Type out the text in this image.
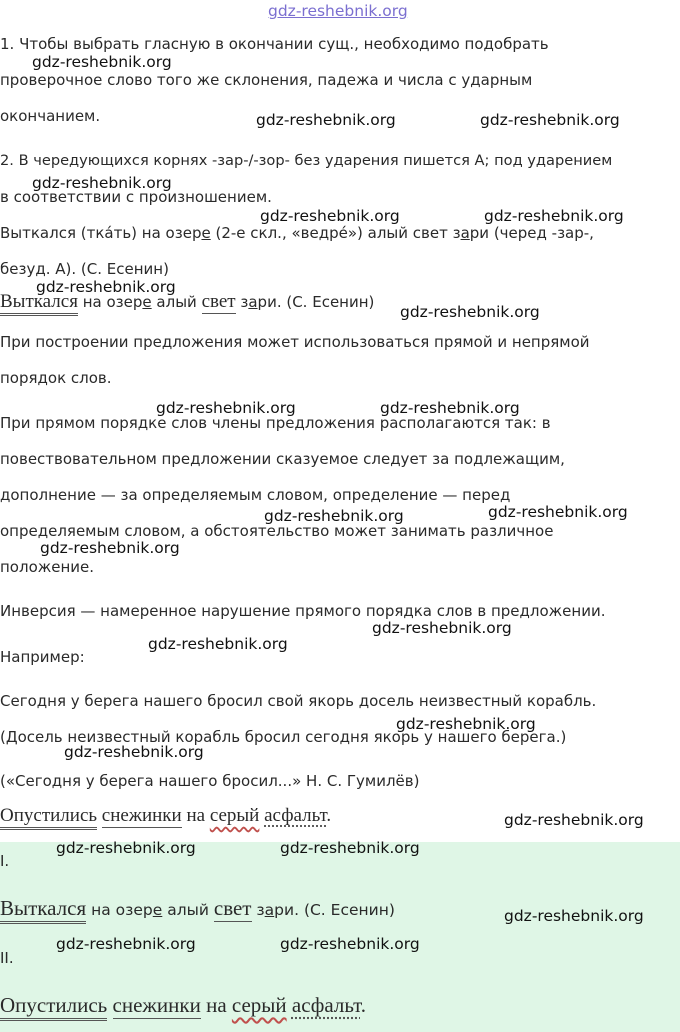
gdz-reshebnik.org
gdz-reshebnik.org
gdz-reshebnik.org	gdz-reshebnik.org
gdz-reshebnik.org
gdz-reshebnik.org	gdz-reshebnik.org
gdz-reshebnik.org
gdz-reshebnik.org
gdz-reshebnik.org	gdz-reshebnik.org
gdz-reshebnik.org	gdz-reshebnik.org
gdz-reshebnik.org
gdz-reshebnik.org
gdz-reshebnik.org
gdz-reshebnik.org
gdz-reshebnik.org
gdz-reshebnik.org
gdz-reshebnik.org	gdz-reshebnik.org
gdz-reshebnik.org
gdz-reshebnik.org	gdz-reshebnik.org
1. Чтобы выбрать гласную в окончании сущ., необходимо подобрать
проверочное слово того же склонения, падежа и числа с ударным
окончанием.
2. В чередующихся корнях -зар-/-зор- без ударения пишется А; под ударением
в соответствии с произношением.
Выткался (ткáть) на озере (2-е скл., «ведрé») алый свет зари (черед -зар-,
безуд. А). (С. Есенин)
Выткался на озере алый свет зари. (С. Есенин)
При построении предложения может использоваться прямой и непрямой
порядок слов.
При прямом порядке слов члены предложения располагаются так: в
повествовательном предложении сказуемое следует за подлежащим,
дополнение — за определяемым словом, определение — перед
определяемым словом, а обстоятельство может занимать различное
положение.
Инверсия — намеренное нарушение прямого порядка слов в предложении.
Например:
Сегодня у берега нашего бросил свой якорь досель неизвестный корабль.
(Досель неизвестный корабль бросил сегодня якорь у нашего берега.)
(«Сегодня у берега нашего бросил...» Н. С. Гумилёв)
Опустились снежинки на серый асфальт.
I.
Выткался на озере алый свет зари. (С. Есенин)
II.
Опустились снежинки на серый асфальт.
